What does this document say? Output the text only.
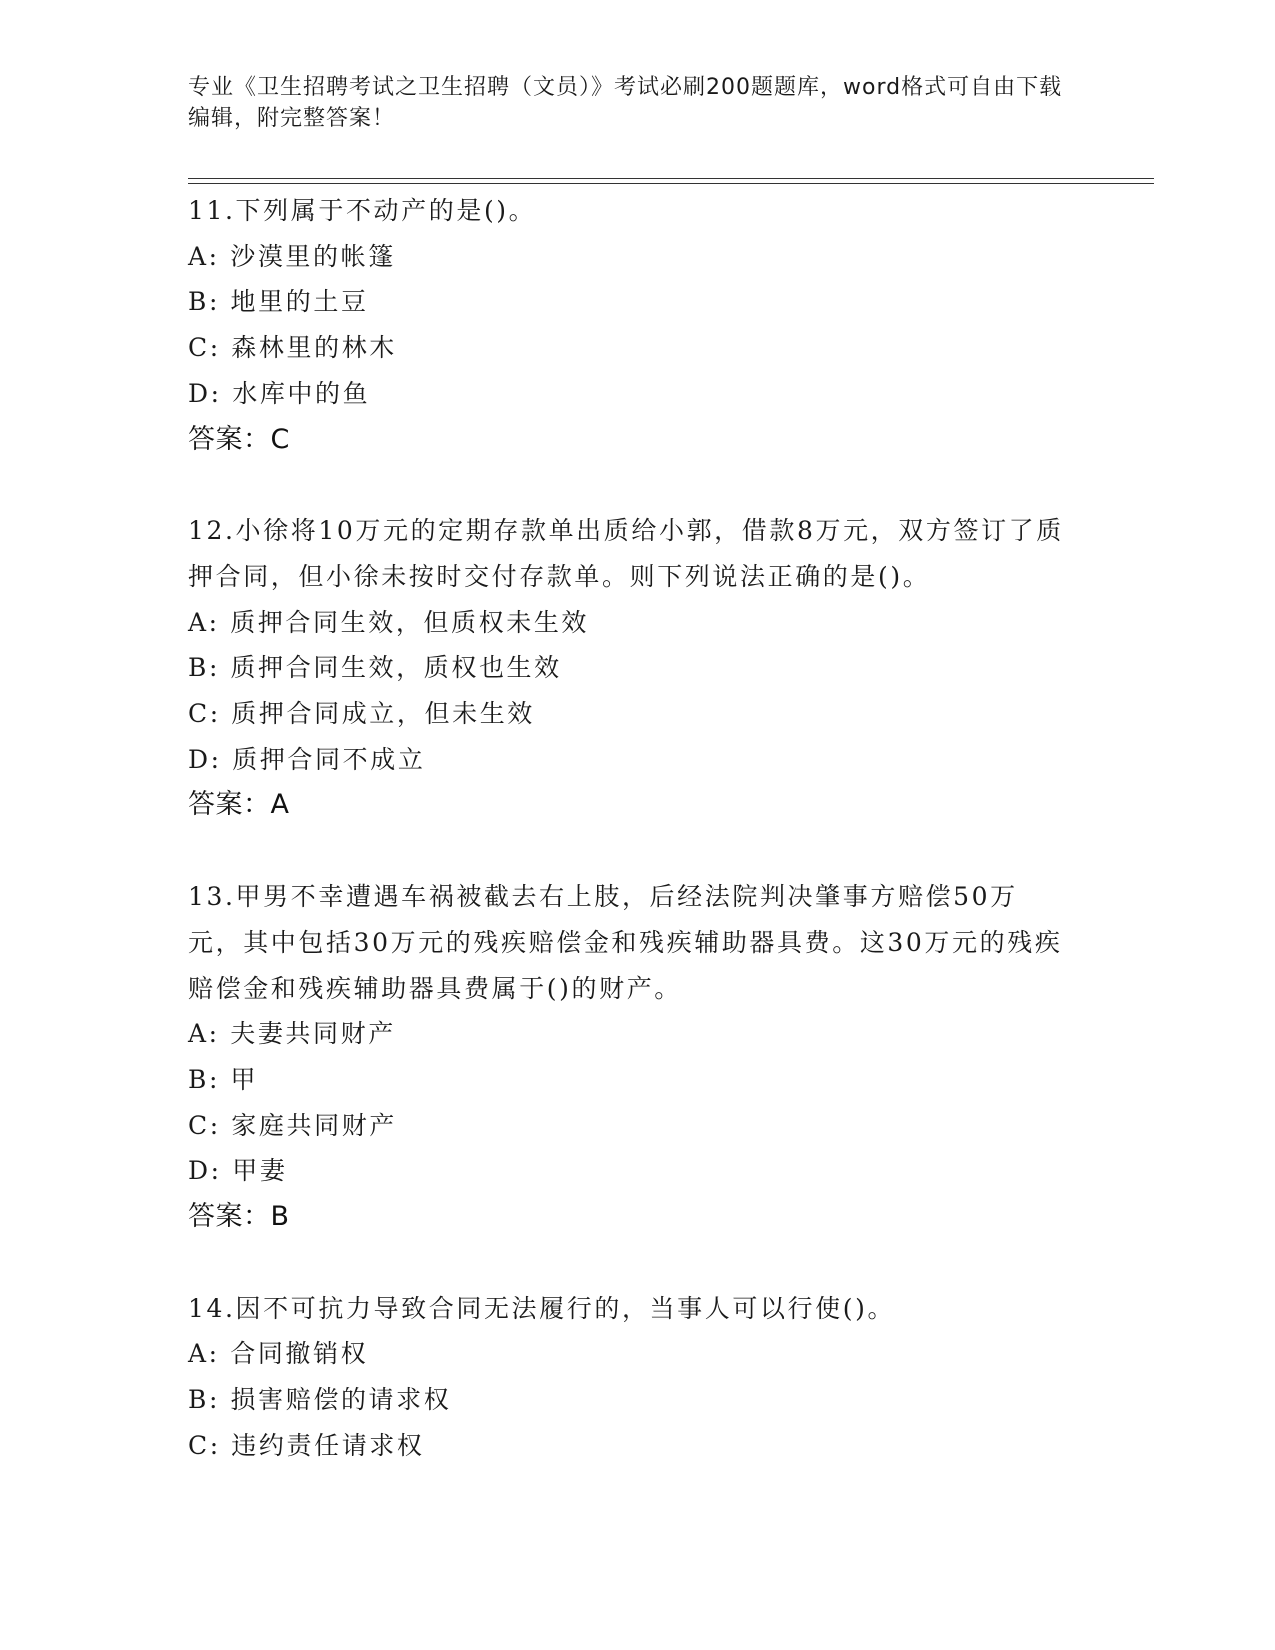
专业《卫生招聘考试之卫生招聘（文员）》考试必刷200题题库，word格式可自由下载编辑，附完整答案！
11.下列属于不动产的是()。
A: 沙漠里的帐篷
B: 地里的土豆
C: 森林里的林木
D: 水库中的鱼
答案：C
12.小徐将10万元的定期存款单出质给小郭，借款8万元，双方签订了质押合同，但小徐未按时交付存款单。则下列说法正确的是()。
A: 质押合同生效，但质权未生效
B: 质押合同生效，质权也生效
C: 质押合同成立，但未生效
D: 质押合同不成立
答案：A
13.甲男不幸遭遇车祸被截去右上肢，后经法院判决肇事方赔偿50万元，其中包括30万元的残疾赔偿金和残疾辅助器具费。这30万元的残疾赔偿金和残疾辅助器具费属于()的财产。
A: 夫妻共同财产
B: 甲
C: 家庭共同财产
D: 甲妻
答案：B
14.因不可抗力导致合同无法履行的，当事人可以行使()。
A: 合同撤销权
B: 损害赔偿的请求权
C: 违约责任请求权
